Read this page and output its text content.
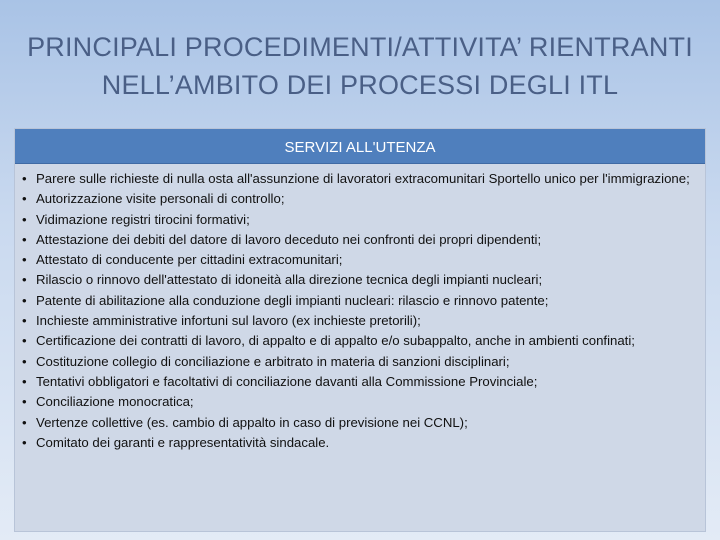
PRINCIPALI PROCEDIMENTI/ATTIVITA’ RIENTRANTI
NELL’AMBITO DEI PROCESSI DEGLI ITL
SERVIZI ALL'UTENZA
• Parere sulle richieste di nulla osta all'assunzione di lavoratori extracomunitari Sportello unico per l'immigrazione;
• Autorizzazione visite personali di controllo;
• Vidimazione registri tirocini formativi;
• Attestazione dei debiti del datore di lavoro deceduto nei confronti dei propri dipendenti;
• Attestato di conducente per cittadini extracomunitari;
• Rilascio o rinnovo dell'attestato di idoneità alla direzione tecnica degli impianti nucleari;
• Patente di abilitazione alla conduzione degli impianti nucleari: rilascio e rinnovo patente;
• Inchieste amministrative infortuni sul lavoro (ex inchieste pretorili);
• Certificazione dei contratti di lavoro, di appalto e di appalto e/o subappalto, anche in ambienti confinati;
• Costituzione collegio di conciliazione e arbitrato in materia di sanzioni disciplinari;
• Tentativi obbligatori e facoltativi di conciliazione davanti alla Commissione Provinciale;
• Conciliazione monocratica;
• Vertenze collettive (es. cambio di appalto in caso di previsione nei CCNL);
• Comitato dei garanti e rappresentatività sindacale.
